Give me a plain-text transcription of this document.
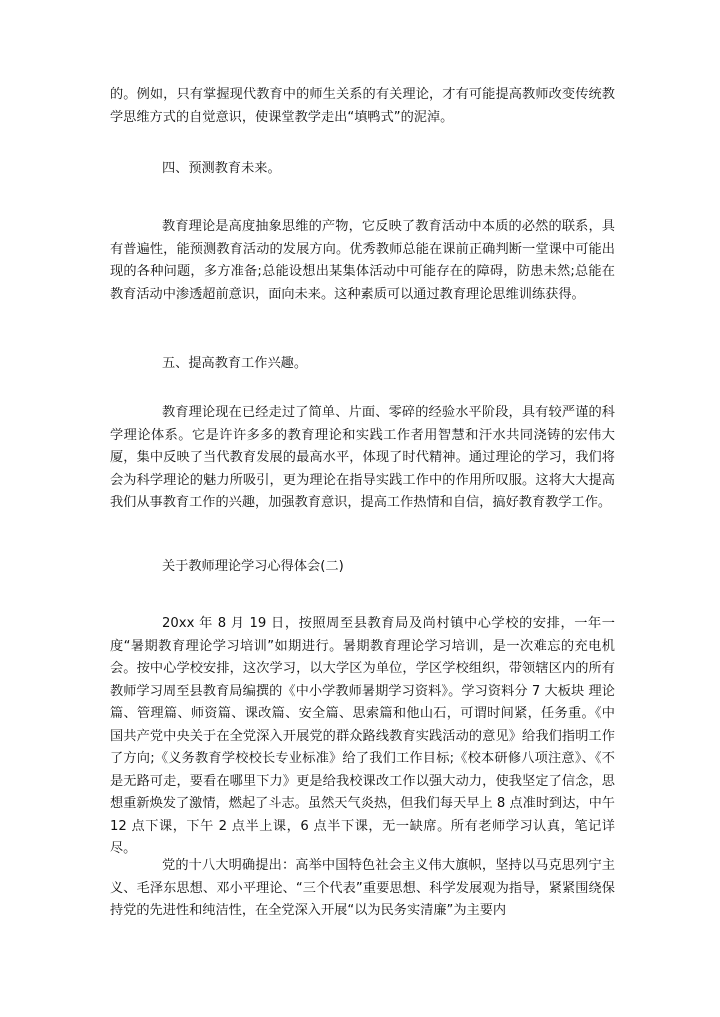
的。例如，只有掌握现代教育中的师生关系的有关理论，才有可能提高教师改变传统教学思维方式的自觉意识，使课堂教学走出“填鸭式”的泥淖。

四、预测教育未来。

教育理论是高度抽象思维的产物，它反映了教育活动中本质的必然的联系，具有普遍性，能预测教育活动的发展方向。优秀教师总能在课前正确判断一堂课中可能出现的各种问题，多方准备;总能设想出某集体活动中可能存在的障碍，防患未然;总能在教育活动中渗透超前意识，面向未来。这种素质可以通过教育理论思维训练获得。

五、提高教育工作兴趣。

教育理论现在已经走过了简单、片面、零碎的经验水平阶段，具有较严谨的科学理论体系。它是许许多多的教育理论和实践工作者用智慧和汗水共同浇铸的宏伟大厦，集中反映了当代教育发展的最高水平，体现了时代精神。通过理论的学习，我们将会为科学理论的魅力所吸引，更为理论在指导实践工作中的作用所叹服。这将大大提高我们从事教育工作的兴趣，加强教育意识，提高工作热情和自信，搞好教育教学工作。

关于教师理论学习心得体会(二)

20xx 年 8 月 19 日，按照周至县教育局及尚村镇中心学校的安排，一年一度“暑期教育理论学习培训”如期进行。暑期教育理论学习培训，是一次难忘的充电机会。按中心学校安排，这次学习，以大学区为单位，学区学校组织，带领辖区内的所有教师学习周至县教育局编撰的《中小学教师暑期学习资料》。学习资料分 7 大板块 理论篇、管理篇、师资篇、课改篇、安全篇、思索篇和他山石，可谓时间紧，任务重。《中国共产党中央关于在全党深入开展党的群众路线教育实践活动的意见》给我们指明工作了方向;《义务教育学校校长专业标准》给了我们工作目标;《校本研修八项注意》、《不是无路可走，要看在哪里下力》更是给我校课改工作以强大动力，使我坚定了信念，思想重新焕发了激情，燃起了斗志。虽然天气炎热，但我们每天早上 8 点准时到达，中午 12 点下课，下午 2 点半上课，6 点半下课，无一缺席。所有老师学习认真，笔记详尽。

党的十八大明确提出：高举中国特色社会主义伟大旗帜，坚持以马克思列宁主义、毛泽东思想、邓小平理论、“三个代表”重要思想、科学发展观为指导，紧紧围绕保持党的先进性和纯洁性，在全党深入开展“以为民务实清廉”为主要内
